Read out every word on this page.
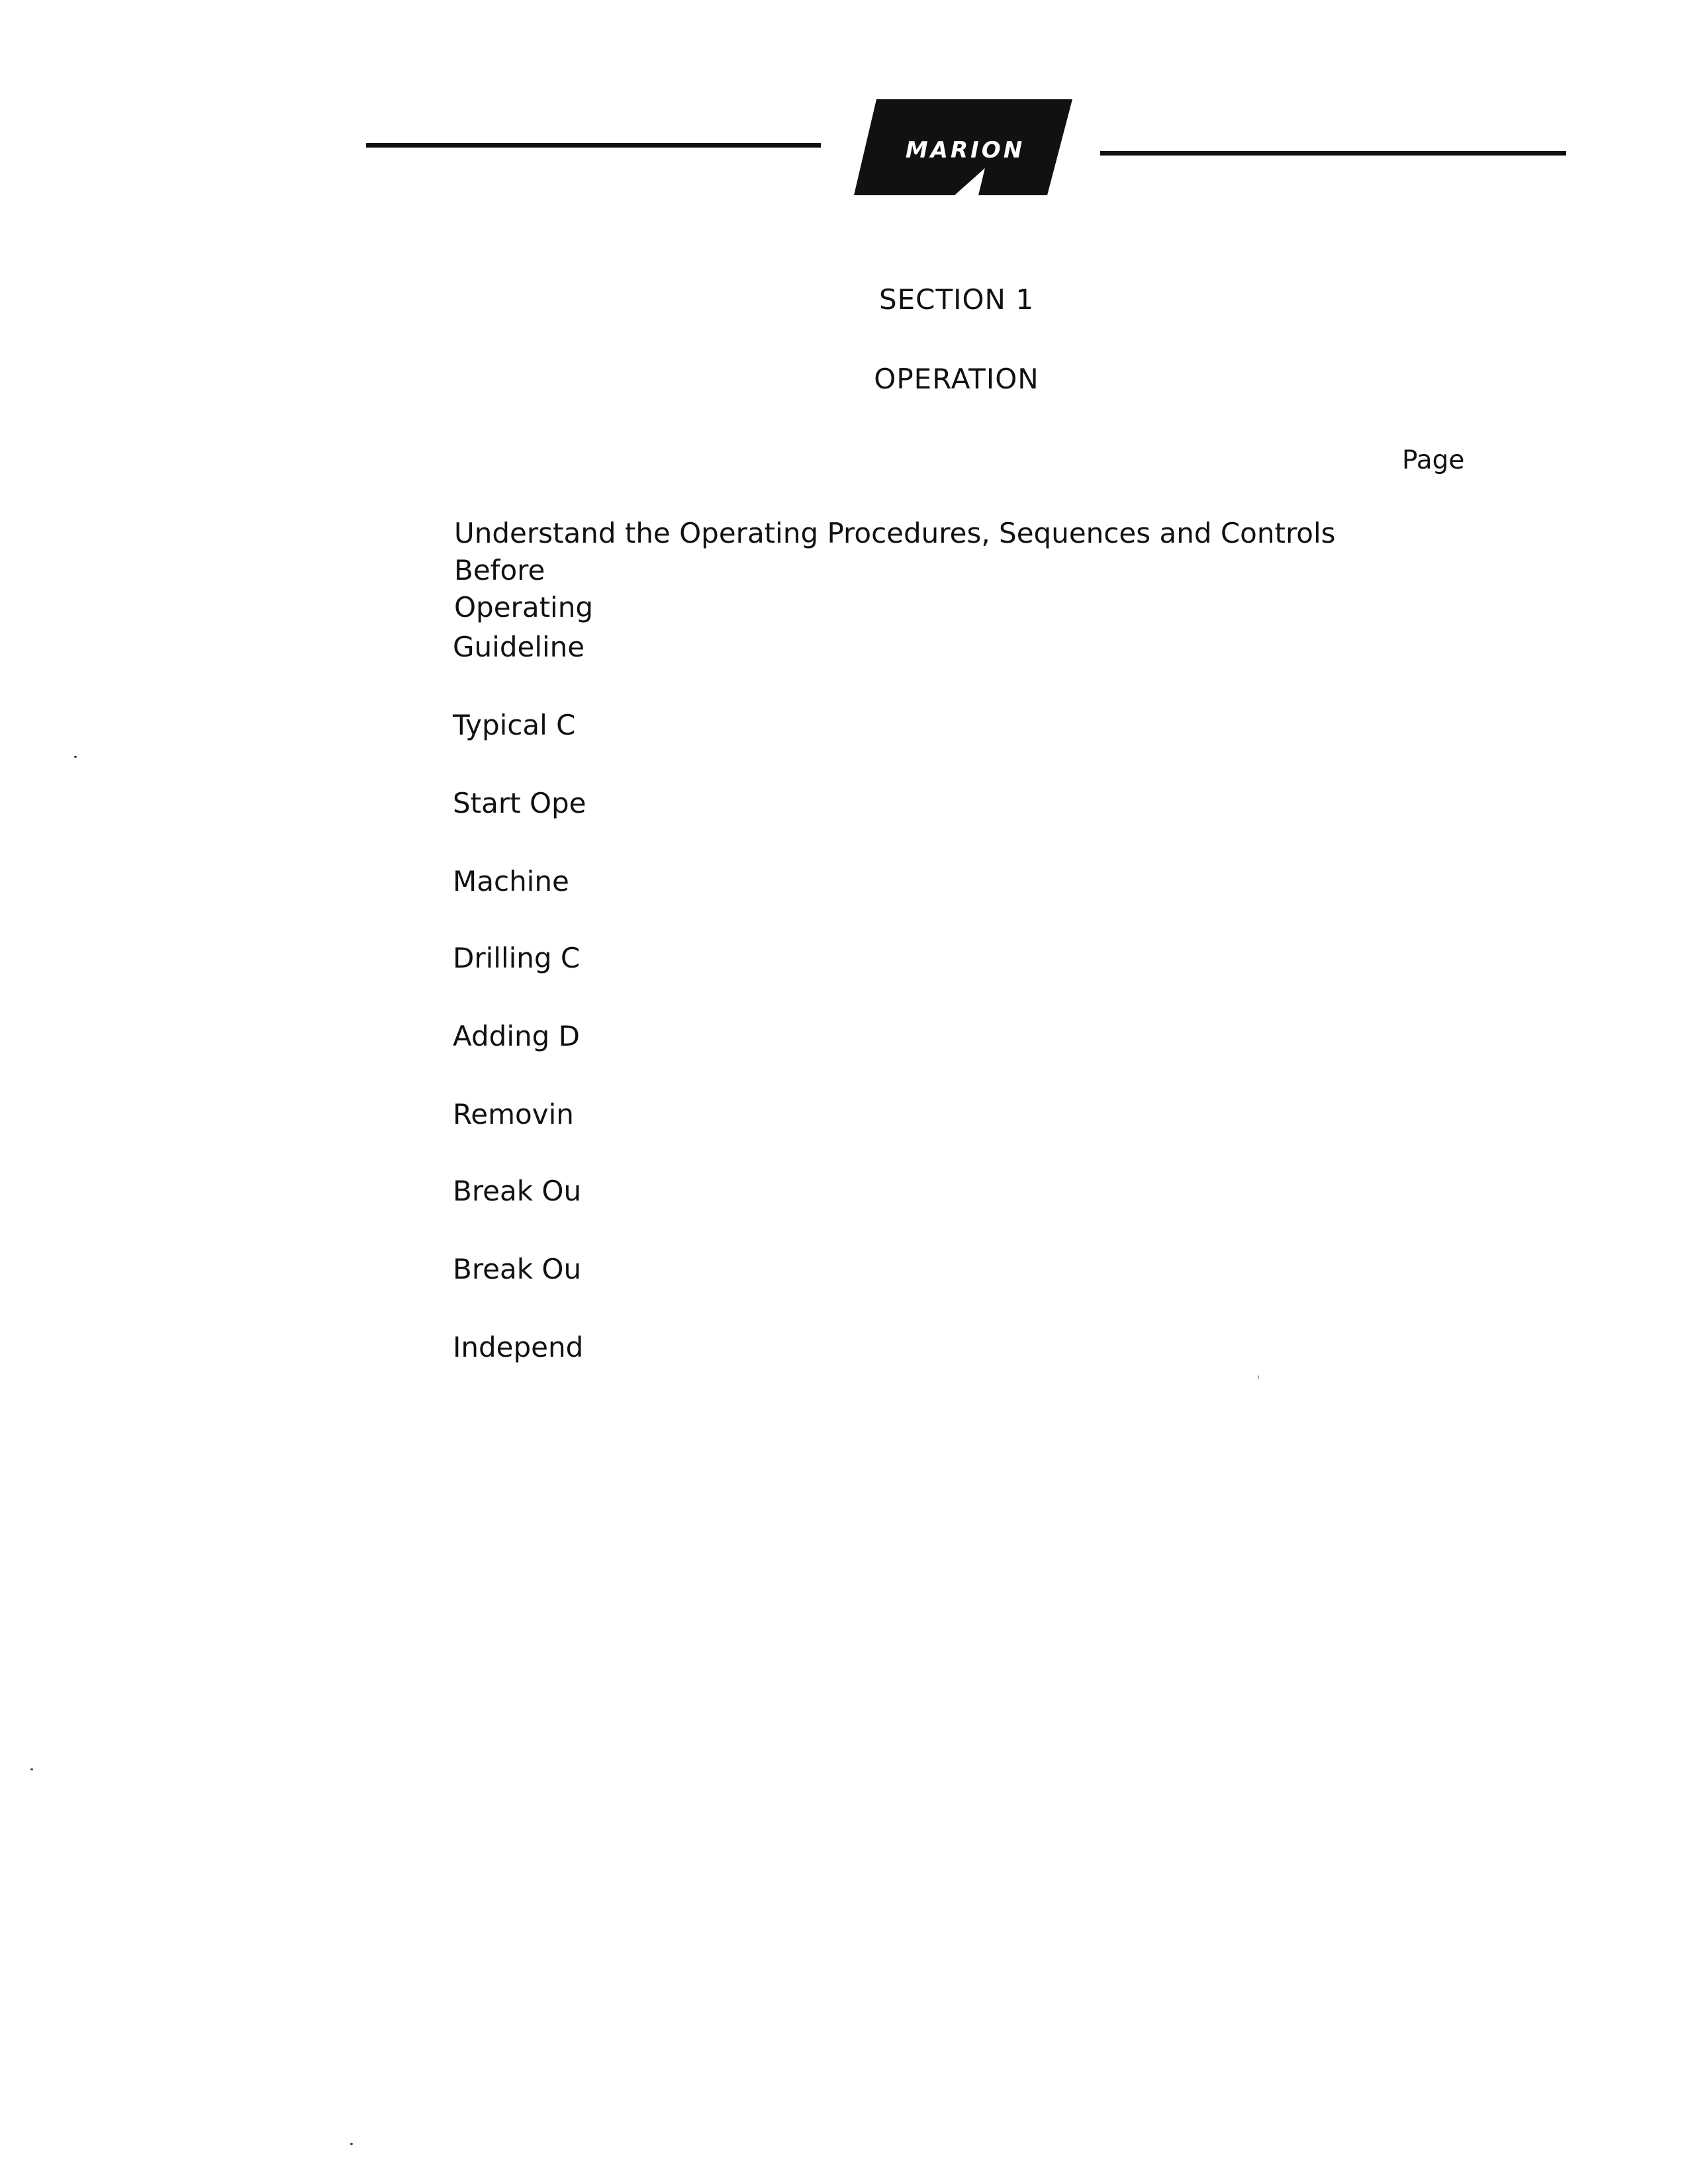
MARION
SECTION 1
OPERATION
Page
Understand the Operating Procedures, Sequences and Controls Before
Operating
Guideline
Typical C
Start Ope
Machine
Drilling C
Adding D
Removin
Break Ou
Break Ou
Independ
